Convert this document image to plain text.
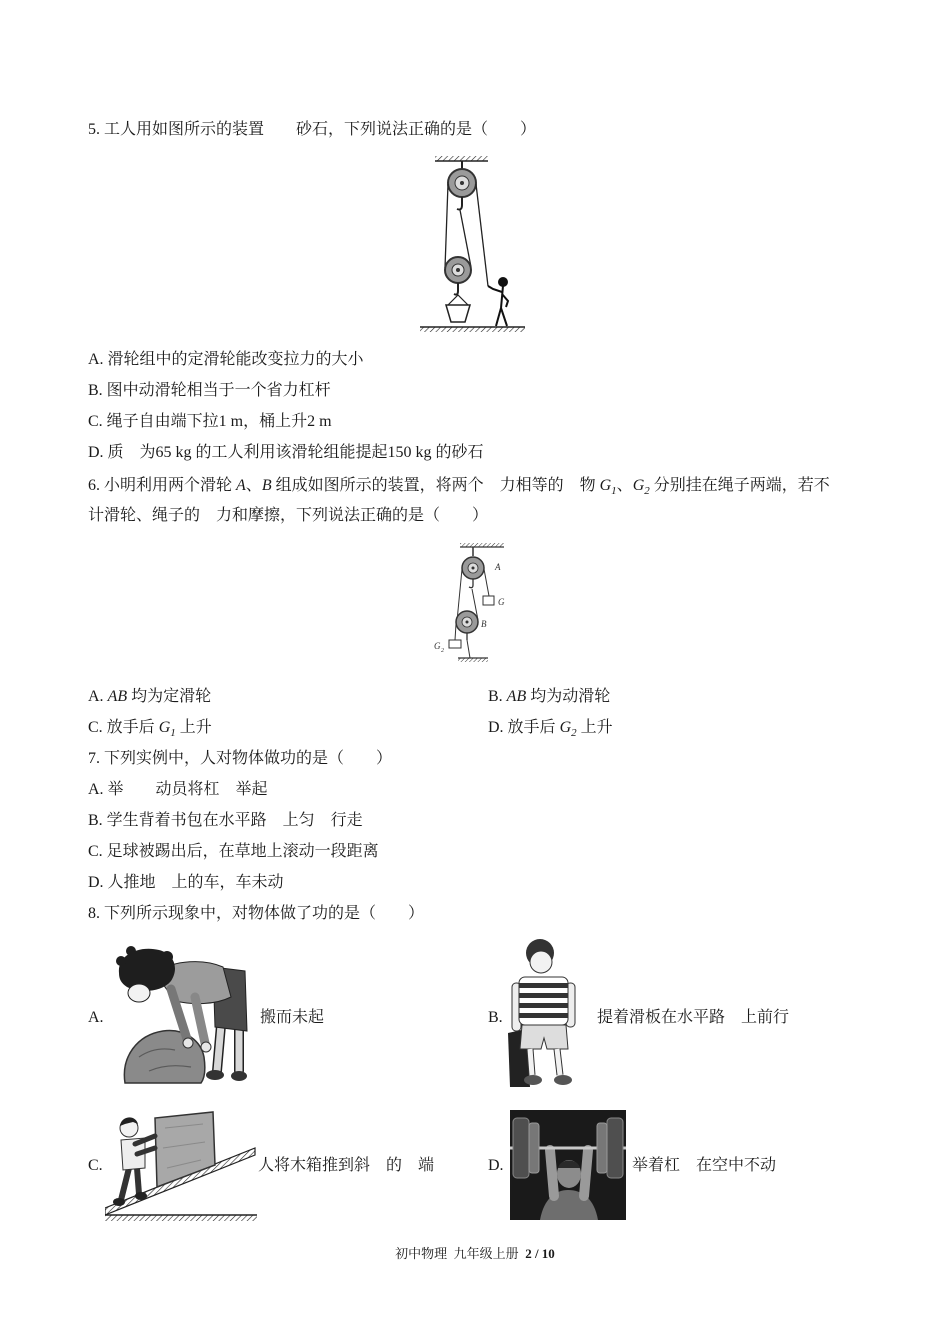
5. 工人用如图所示的装置　　砂石，下列说法正确的是（　　）
A. 滑轮组中的定滑轮能改变拉力的大小
B. 图中动滑轮相当于一个省力杠杆
C. 绳子自由端下拉1 m，桶上升2 m
D. 质　为65 kg 的工人利用该滑轮组能提起150 kg 的砂石
6. 小明利用两个滑轮 A、B 组成如图所示的装置，将两个　力相等的　物 $G_1$、$G_2$ 分别挂在绳子两端，若不
计滑轮、绳子的　力和摩擦，下列说法正确的是（　　）
A
G
B
G 2
A. AB 均为定滑轮	B. AB 均为动滑轮
C. 放手后 $G_1$ 上升	D. 放手后 $G_2$ 上升
7. 下列实例中，人对物体做功的是（　　）
A. 举　　动员将杠　举起
B. 学生背着书包在水平路　上匀　行走
C. 足球被踢出后，在草地上滚动一段距离
D. 人推地　上的车，车未动
8. 下列所示现象中，对物体做了功的是（　　）
A.	搬而未起	B.	提着滑板在水平路　上前行
C.	人将木箱推到斜　的　端	D.	举着杠　在空中不动
初中物理  九年级上册  2 / 10
